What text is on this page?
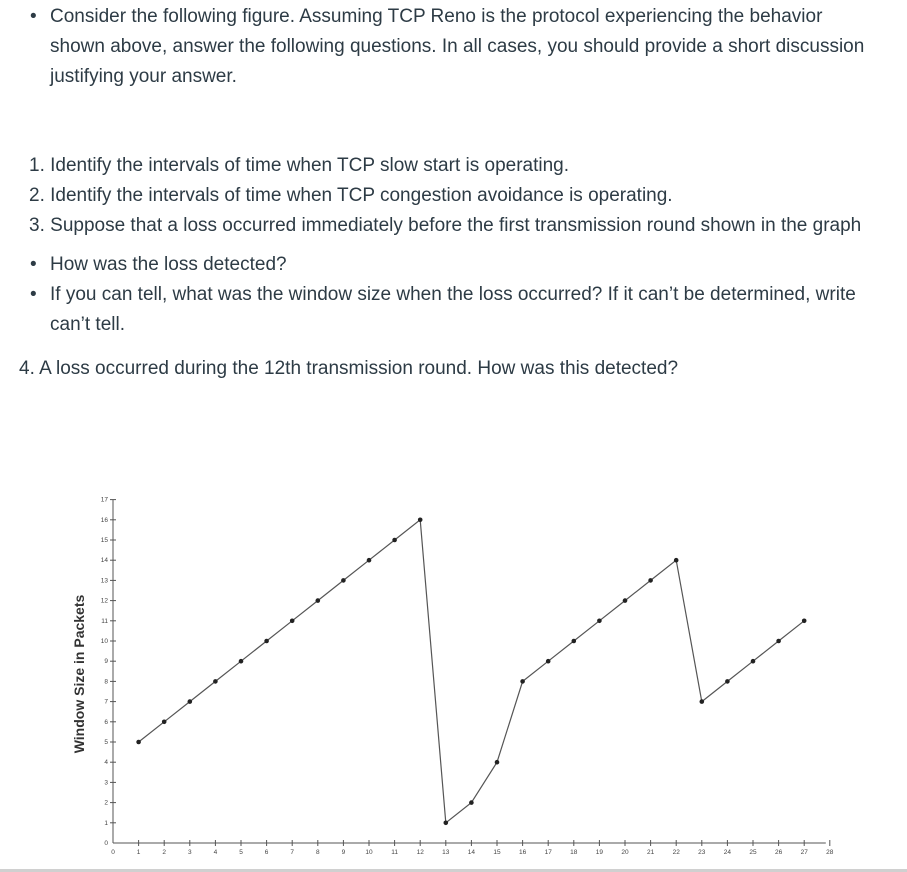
• Consider the following figure. Assuming TCP Reno is the protocol experiencing the behavior

shown above, answer the following questions. In all cases, you should provide a short discussion

justifying your answer.

1. Identify the intervals of time when TCP slow start is operating.

2. Identify the intervals of time when TCP congestion avoidance is operating.

3. Suppose that a loss occurred immediately before the first transmission round shown in the graph

• How was the loss detected?

• If you can tell, what was the window size when the loss occurred? If it can’t be determined, write

can’t tell.

4. A loss occurred during the 12th transmission round. How was this detected?

Window Size in Packets
0	1	2	3	4	5	6	7	8	9	10	11	12	13	14	15	16	17	18	19	20	21	22	23	24	25	26	27	28
0
1
2
3
4
5
6
7
8
9
10
11
12
13
14
15
16
17
